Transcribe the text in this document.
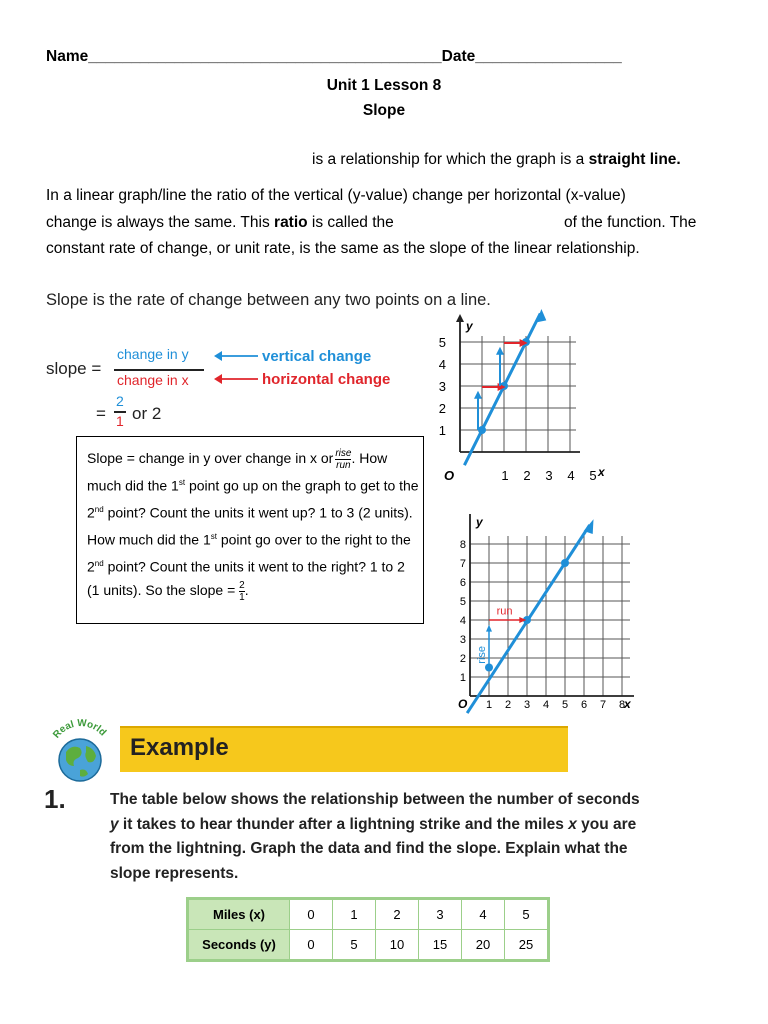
Name_________________________________________Date_________________
Unit 1 Lesson 8
Slope
is a relationship for which the graph is a straight line.
In a linear graph/line the ratio of the vertical (y-value) change per horizontal (x-value)
change is always the same. This ratio is called the	of the function. The
constant rate of change, or unit rate, is the same as the slope of the linear relationship.
Slope is the rate of change between any two points on a line.
slope =
change in y
change in x
vertical change
horizontal change
=
2
1 or 2
Slope = change in y over change in x or rise
run . How much did the 1st point go up on the graph to get to the 2nd point? Count the units it went up? 1 to 3 (2 units). How much did the 1st point go over to the right to the 2nd point? Count the units it went to the right? 1 to 2 (1 units). So the slope = $\frac{2}{1}$ .
1 2 3 4 5
1
2
3
4
5
y
x
O
1 2 3 4 5 6 7 8
1
2
3
4
5
6
7
8
y
x
O
rise
run
Example
Real World
1.	The table below shows the relationship between the number of seconds y it takes to hear thunder after a lightning strike and the miles x you are from the lightning. Graph the data and find the slope. Explain what the slope represents.
Miles (x)	0	1	2	3	4	5
Seconds (y)	0	5	10	15	20	25
